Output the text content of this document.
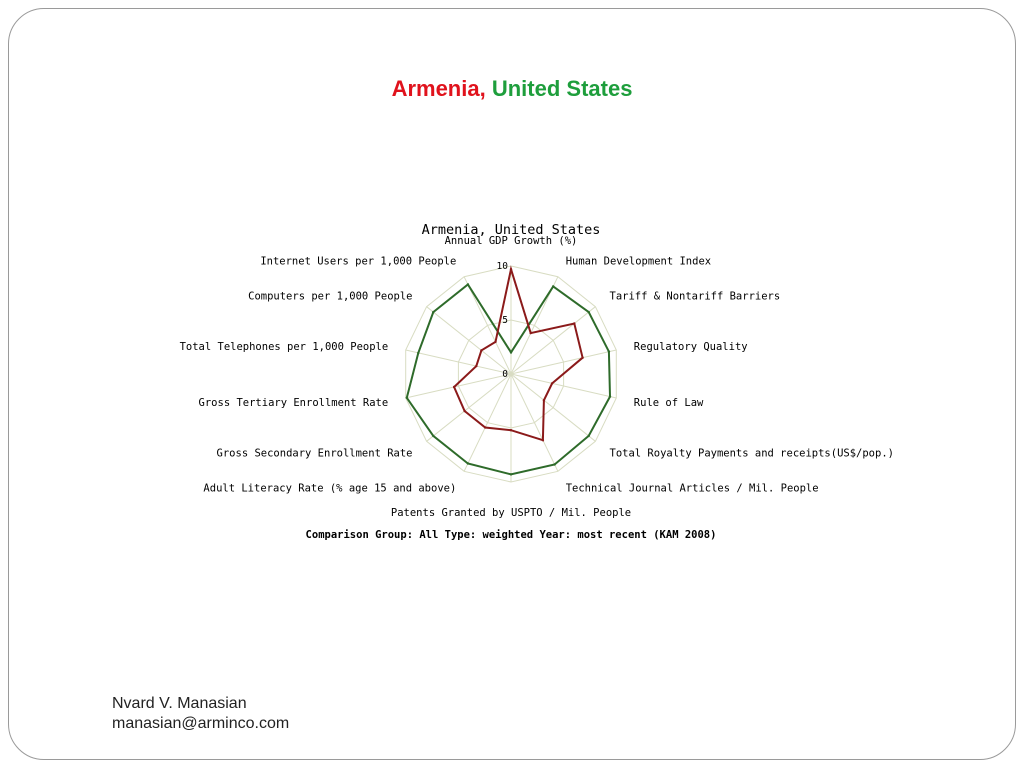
Armenia, United States
Armenia, United States
Comparison Group: All Type: weighted Year: most recent (KAM 2008)
Annual GDP Growth (%)
Human Development Index
Tariff & Nontariff Barriers
Regulatory Quality
Rule of Law
Total Royalty Payments and receipts(US$/pop.)
Technical Journal Articles / Mil. People
Patents Granted by USPTO / Mil. People
Adult Literacy Rate (% age 15 and above)
Gross Secondary Enrollment Rate
Gross Tertiary Enrollment Rate
Total Telephones per 1,000 People
Computers per 1,000 People
Internet Users per 1,000 People
0
5
10
Nvard V. Manasian
manasian@arminco.com
